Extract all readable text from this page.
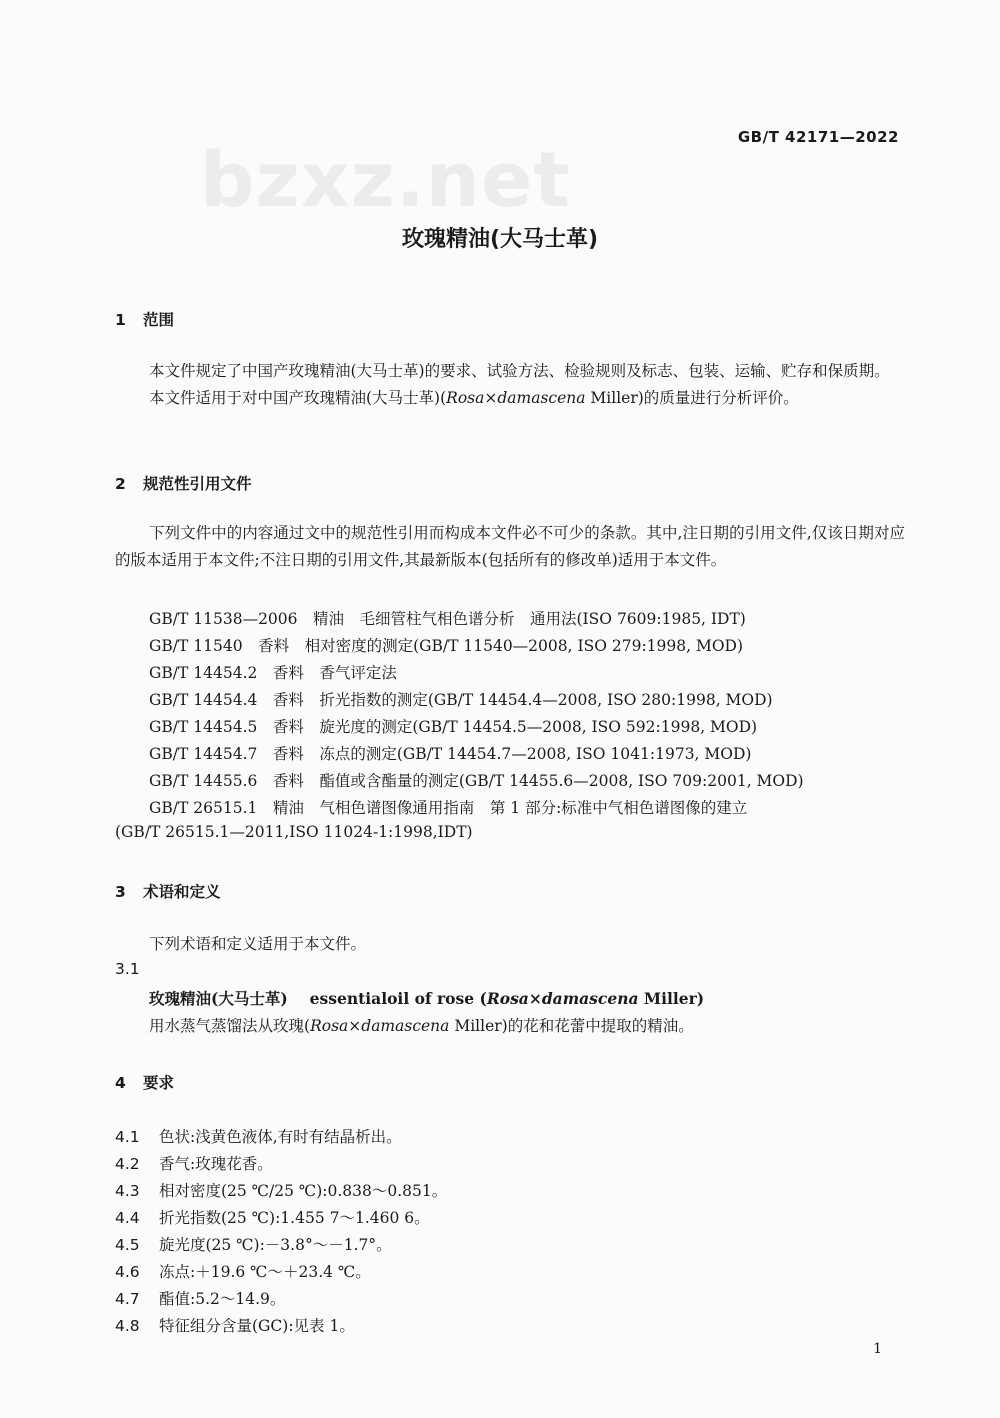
GB/T 42171—2022
bzxz.net
玫瑰精油(大马士革)
1 范围

本文件规定了中国产玫瑰精油(大马士革)的要求、试验方法、检验规则及标志、包装、运输、贮存和保质期。

本文件适用于对中国产玫瑰精油(大马士革)(Rosa×damascena Miller)的质量进行分析评价。

2 规范性引用文件

下列文件中的内容通过文中的规范性引用而构成本文件必不可少的条款。其中,注日期的引用文件,仅该日期对应的版本适用于本文件;不注日期的引用文件,其最新版本(包括所有的修改单)适用于本文件。

GB/T 11538—2006　精油　毛细管柱气相色谱分析　通用法(ISO 7609:1985, IDT)
GB/T 11540　香料　相对密度的测定(GB/T 11540—2008, ISO 279:1998, MOD)
GB/T 14454.2　香料　香气评定法
GB/T 14454.4　香料　折光指数的测定(GB/T 14454.4—2008, ISO 280:1998, MOD)
GB/T 14454.5　香料　旋光度的测定(GB/T 14454.5—2008, ISO 592:1998, MOD)
GB/T 14454.7　香料　冻点的测定(GB/T 14454.7—2008, ISO 1041:1973, MOD)
GB/T 14455.6　香料　酯值或含酯量的测定(GB/T 14455.6—2008, ISO 709:2001, MOD)
GB/T 26515.1　精油　气相色谱图像通用指南　第 1 部分:标准中气相色谱图像的建立
(GB/T 26515.1—2011,ISO 11024-1:1998,IDT)
3 术语和定义
下列术语和定义适用于本文件。
3.1
玫瑰精油(大马士革) essentialoil of rose (Rosa×damascena Miller)
用水蒸气蒸馏法从玫瑰(Rosa×damascena Miller)的花和花蕾中提取的精油。
4 要求
4.1 色状:浅黄色液体,有时有结晶析出。
4.2 香气:玫瑰花香。
4.3 相对密度(25 ℃/25 ℃):0.838～0.851。
4.4 折光指数(25 ℃):1.455 7～1.460 6。
4.5 旋光度(25 ℃):－3.8°～－1.7°。
4.6 冻点:＋19.6 ℃～＋23.4 ℃。
4.7 酯值:5.2～14.9。
4.8 特征组分含量(GC):见表 1。
1
